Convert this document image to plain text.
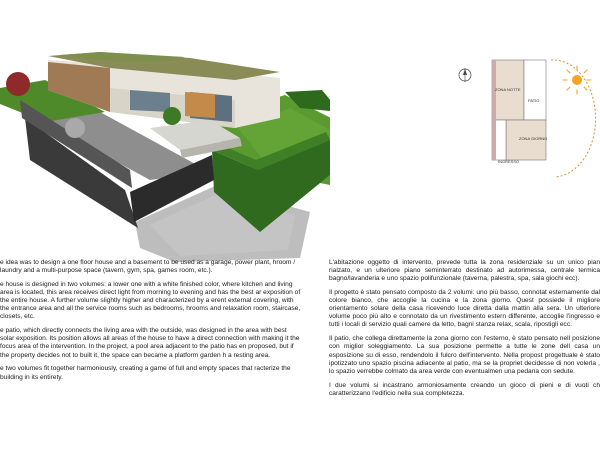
ZONA NOTTE
PATIO
ZONA GIORNO
INGRESSO

e idea was to design a one floor house and a basement to be used as a garage, power plant, hroom / laundry and a multi-purpose space (tavern, gym, spa, games room, etc.).

e house is designed in two volumes: a lower one with a white finished color, where kitchen and living area is located, this area receives direct light from morning to evening and has the best ar exposition of the entire house. A further volume slightly higher and characterized by a erent external covering, with the entrance area and all the service rooms such as bedrooms, hrooms and relaxation room, staircase, closets, etc.

e patio, which directly connects the living area with the outside, was designed in the area with best solar exposition. Its position allows all areas of the house to have a direct connection with making it the focus area of the intervention. In the project, a pool area adjacent to the patio has en proposed, but if the property decides not to built it, the space can became a platform garden h a resting area.

e two volumes fit together harmoniously, creating a game of full and empty spaces that racterize the building in its entirety.

L'abitazione oggetto di intervento, prevede tutta la zona residenziale su un unico pian rialzato, e un ulteriore piano seminterrato destinato ad autorimessa, centrale termica bagno/lavanderia e uno spazio polifunzionale (taverna, palestra, spa, sala giochi ecc).

Il progetto è stato pensato composto da 2 volumi: uno più basso, connotat esternamente dal colore bianco, che accoglie la cucina e la zona giorno. Quest possiede il migliore orientamento solare della casa ricevendo luce diretta dalla mattin alla sera. Un ulteriore volume poco più alto e connotato da un rivestimento estern differente, accoglie l'ingresso e tutti i locali di servizio quali camere da letto, bagni stanza relax, scala, ripostigli ecc.

Il patio, che collega direttamente la zona giorno con l'esterno, è stato pensato nell posizione con miglior soleggiamento. La sua posizione permette a tutte le zone dell casa un esposizione su di esso, rendendolo il fulcro dell'intervento. Nella propost progettuale è stato ipotizzato uno spazio piscina adiacente al patio, ma se la propriet decidesse di non volerla , lo spazio verrebbe colmato da area verde con eventualmen una pedana con sedute.

I due volumi si incastrano armoniosamente creando un gioco di pieni e di vuoti ch caratterizzano l'edificio nella sua completezza.
